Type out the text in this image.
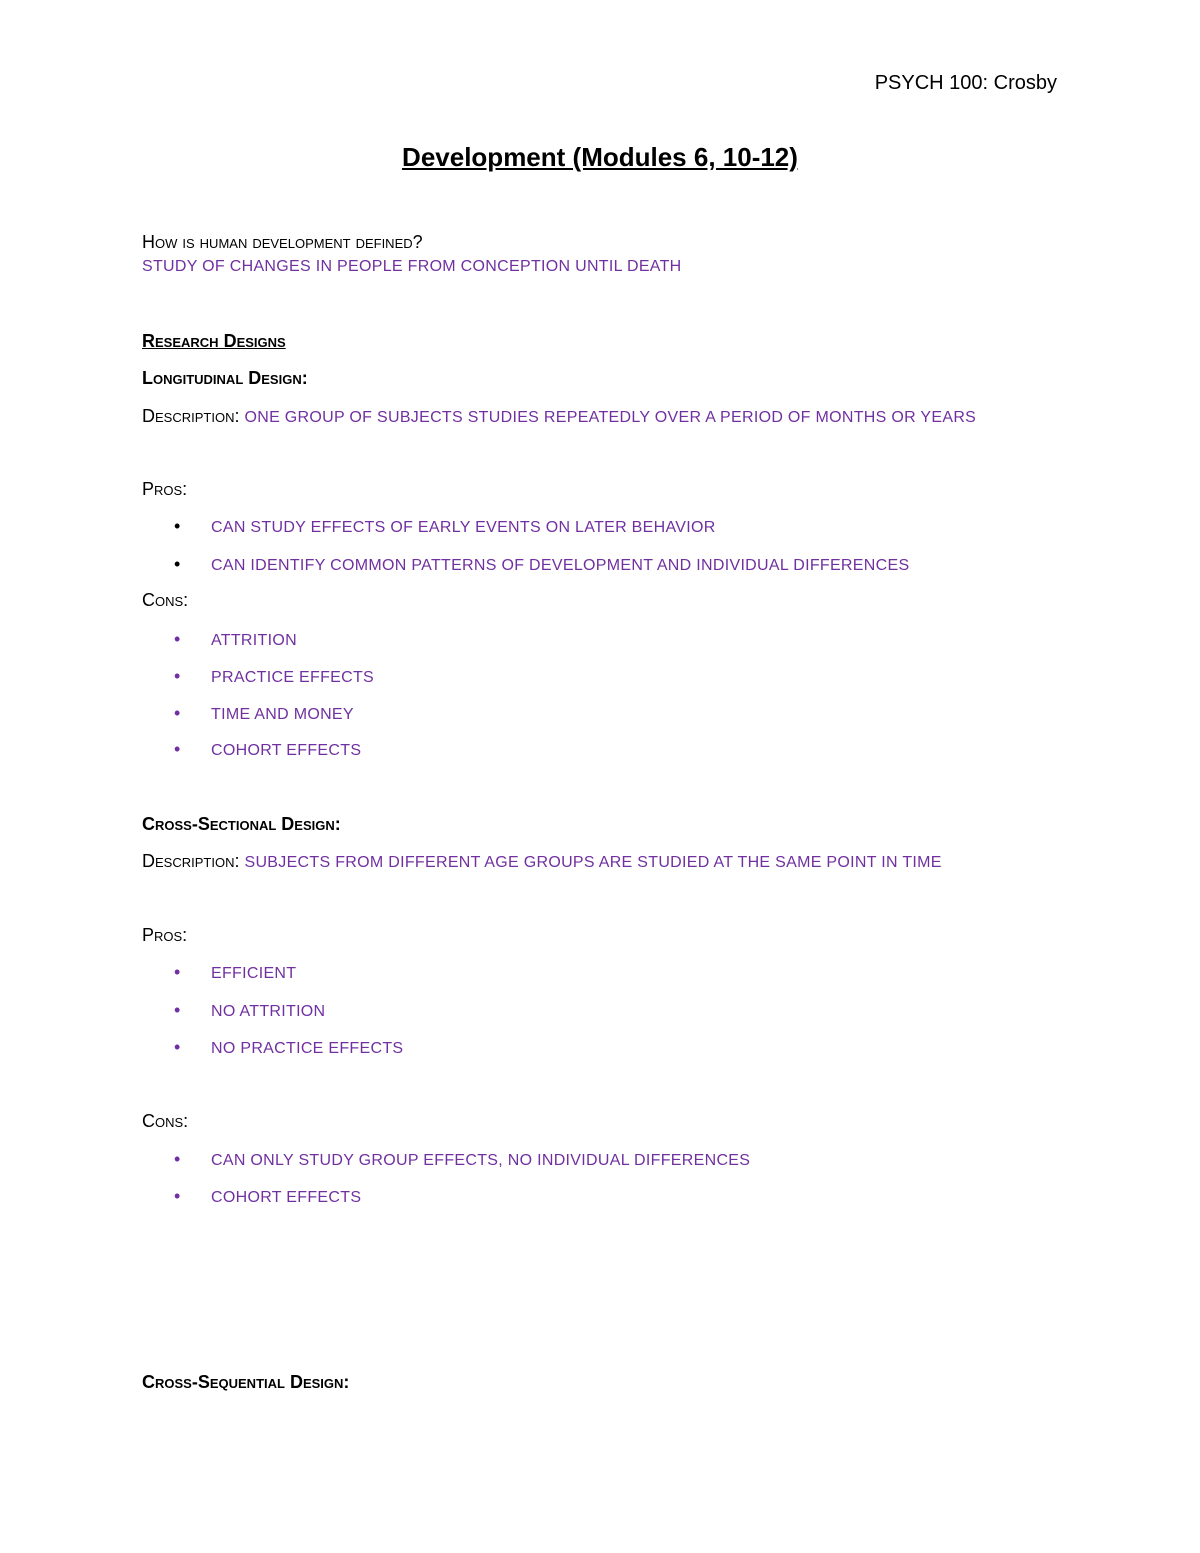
PSYCH 100: Crosby
Development (Modules 6, 10-12)
How is human development defined?
STUDY OF CHANGES IN PEOPLE FROM CONCEPTION UNTIL DEATH
Research Designs
Longitudinal Design:
Description: ONE GROUP OF SUBJECTS STUDIES REPEATEDLY OVER A PERIOD OF MONTHS OR YEARS
Pros:
• CAN STUDY EFFECTS OF EARLY EVENTS ON LATER BEHAVIOR
• CAN IDENTIFY COMMON PATTERNS OF DEVELOPMENT AND INDIVIDUAL DIFFERENCES
Cons:
• ATTRITION
• PRACTICE EFFECTS
• TIME AND MONEY
• COHORT EFFECTS
Cross-Sectional Design:
Description: SUBJECTS FROM DIFFERENT AGE GROUPS ARE STUDIED AT THE SAME POINT IN TIME
Pros:
• EFFICIENT
• NO ATTRITION
• NO PRACTICE EFFECTS
Cons:
• CAN ONLY STUDY GROUP EFFECTS, NO INDIVIDUAL DIFFERENCES
• COHORT EFFECTS
Cross-Sequential Design:
